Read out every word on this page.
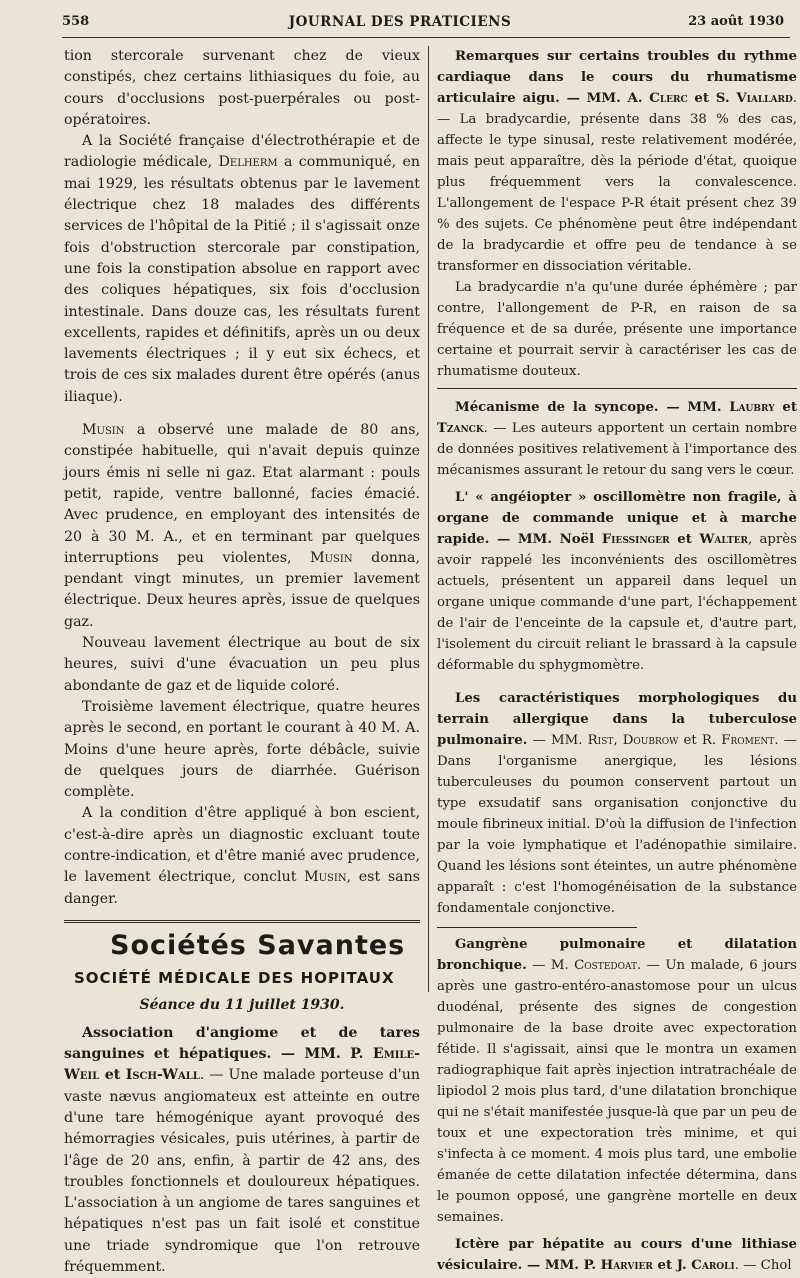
558	JOURNAL DES PRATICIENS	23 août 1930

tion stercorale survenant chez de vieux constipés, chez certains lithiasiques du foie, au cours d'occlusions post-puerpérales ou post-opératoires.

A la Société française d'électrothérapie et de radiologie médicale, Delherm a communiqué, en mai 1929, les résultats obtenus par le lavement électrique chez 18 malades des différents services de l'hôpital de la Pitié ; il s'agissait onze fois d'obstruction stercorale par constipation, une fois la constipation absolue en rapport avec des coliques hépatiques, six fois d'occlusion intestinale. Dans douze cas, les résultats furent excellents, rapides et définitifs, après un ou deux lavements électriques ; il y eut six échecs, et trois de ces six malades durent être opérés (anus iliaque).

Musin a observé une malade de 80 ans, constipée habituelle, qui n'avait depuis quinze jours émis ni selle ni gaz. Etat alarmant : pouls petit, rapide, ventre ballonné, facies émacié. Avec prudence, en employant des intensités de 20 à 30 M. A., et en terminant par quelques interruptions peu violentes, Musin donna, pendant vingt minutes, un premier lavement électrique. Deux heures après, issue de quelques gaz.

Nouveau lavement électrique au bout de six heures, suivi d'une évacuation un peu plus abondante de gaz et de liquide coloré.

Troisième lavement électrique, quatre heures après le second, en portant le courant à 40 M. A. Moins d'une heure après, forte débâcle, suivie de quelques jours de diarrhée. Guérison complète.

A la condition d'être appliqué à bon escient, c'est-à-dire après un diagnostic excluant toute contre-indication, et d'être manié avec prudence, le lavement électrique, conclut Musin, est sans danger.

Sociétés Savantes
SOCIÉTÉ MÉDICALE DES HOPITAUX

Séance du 11 juillet 1930.

Association d'angiome et de tares sanguines et hépatiques. — MM. P. Emile-Weil et Isch-Wall. — Une malade porteuse d'un vaste nævus angiomateux est atteinte en outre d'une tare hémogénique ayant provoqué des hémorragies vésicales, puis utérines, à partir de l'âge de 20 ans, enfin, à partir de 42 ans, des troubles fonctionnels et douloureux hépatiques. L'association à un angiome de tares sanguines et hépatiques n'est pas un fait isolé et constitue une triade syndromique que l'on retrouve fréquemment.

Remarques sur certains troubles du rythme cardiaque dans le cours du rhumatisme articulaire aigu. — MM. A. Clerc et S. Viallard. — La bradycardie, présente dans 38 % des cas, affecte le type sinusal, reste relativement modérée, mais peut apparaître, dès la période d'état, quoique plus fréquemment vers la convalescence. L'allongement de l'espace P-R était présent chez 39 % des sujets. Ce phénomène peut être indépendant de la bradycardie et offre peu de tendance à se transformer en dissociation véritable.

La bradycardie n'a qu'une durée éphémère ; par contre, l'allongement de P-R, en raison de sa fréquence et de sa durée, présente une importance certaine et pourrait servir à caractériser les cas de rhumatisme douteux.

Mécanisme de la syncope. — MM. Laubry et Tzanck. — Les auteurs apportent un certain nombre de données positives relativement à l'importance des mécanismes assurant le retour du sang vers le cœur.

L' « angéiopter » oscillomètre non fragile, à organe de commande unique et à marche rapide. — MM. Noël Fiessinger et Walter, après avoir rappelé les inconvénients des oscillomètres actuels, présentent un appareil dans lequel un organe unique commande d'une part, l'échappement de l'air de l'enceinte de la capsule et, d'autre part, l'isolement du circuit reliant le brassard à la capsule déformable du sphygmomètre.

Les caractéristiques morphologiques du terrain allergique dans la tuberculose pulmonaire. — MM. Rist, Doubrow et R. Froment. — Dans l'organisme anergique, les lésions tuberculeuses du poumon conservent partout un type exsudatif sans organisation conjonctive du moule fibrineux initial. D'où la diffusion de l'infection par la voie lymphatique et l'adénopathie similaire. Quand les lésions sont éteintes, un autre phénomène apparaît : c'est l'homogénéisation de la substance fondamentale conjonctive.

Gangrène pulmonaire et dilatation bronchique. — M. Costedoat. — Un malade, 6 jours après une gastro-entéro-anastomose pour un ulcus duodénal, présente des signes de congestion pulmonaire de la base droite avec expectoration fétide. Il s'agissait, ainsi que le montra un examen radiographique fait après injection intratrachéale de lipiodol 2 mois plus tard, d'une dilatation bronchique qui ne s'était manifestée jusque-là que par un peu de toux et une expectoration très minime, et qui s'infecta à ce moment. 4 mois plus tard, une embolie émanée de cette dilatation infectée détermina, dans le poumon opposé, une gangrène mortelle en deux semaines.

Ictère par hépatite au cours d'une lithiase vésiculaire. — MM. P. Harvier et J. Caroli. — Chol
